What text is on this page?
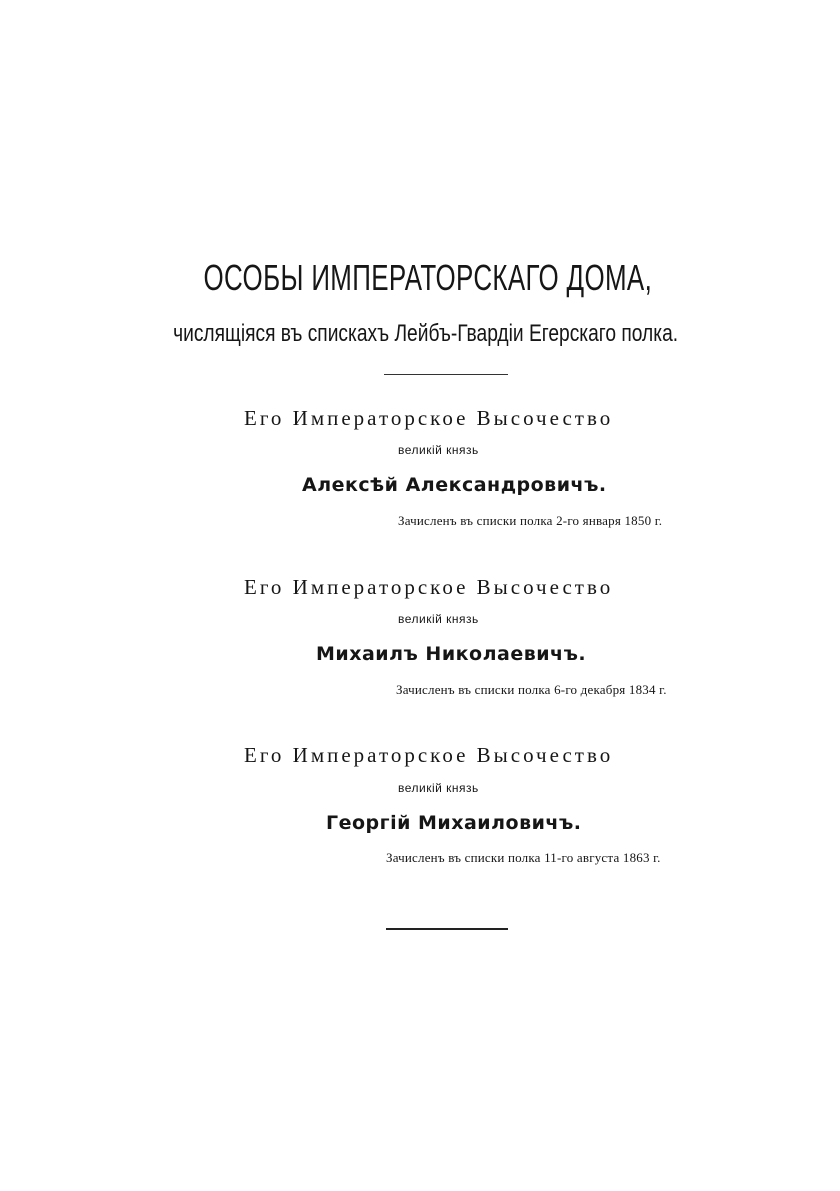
ОСОБЫ ИМПЕРАТОРСКАГО ДОМА,
числящіяся въ спискахъ Лейбъ-Гвардіи Егерскаго полка.
Его Императорское Высочество
великій князь
Алексѣй Александровичъ.
Зачисленъ въ списки полка 2-го января 1850 г.
Его Императорское Высочество
великій князь
Михаилъ Николаевичъ.
Зачисленъ въ списки полка 6-го декабря 1834 г.
Его Императорское Высочество
великій князь
Георгій Михаиловичъ.
Зачисленъ въ списки полка 11-го августа 1863 г.
